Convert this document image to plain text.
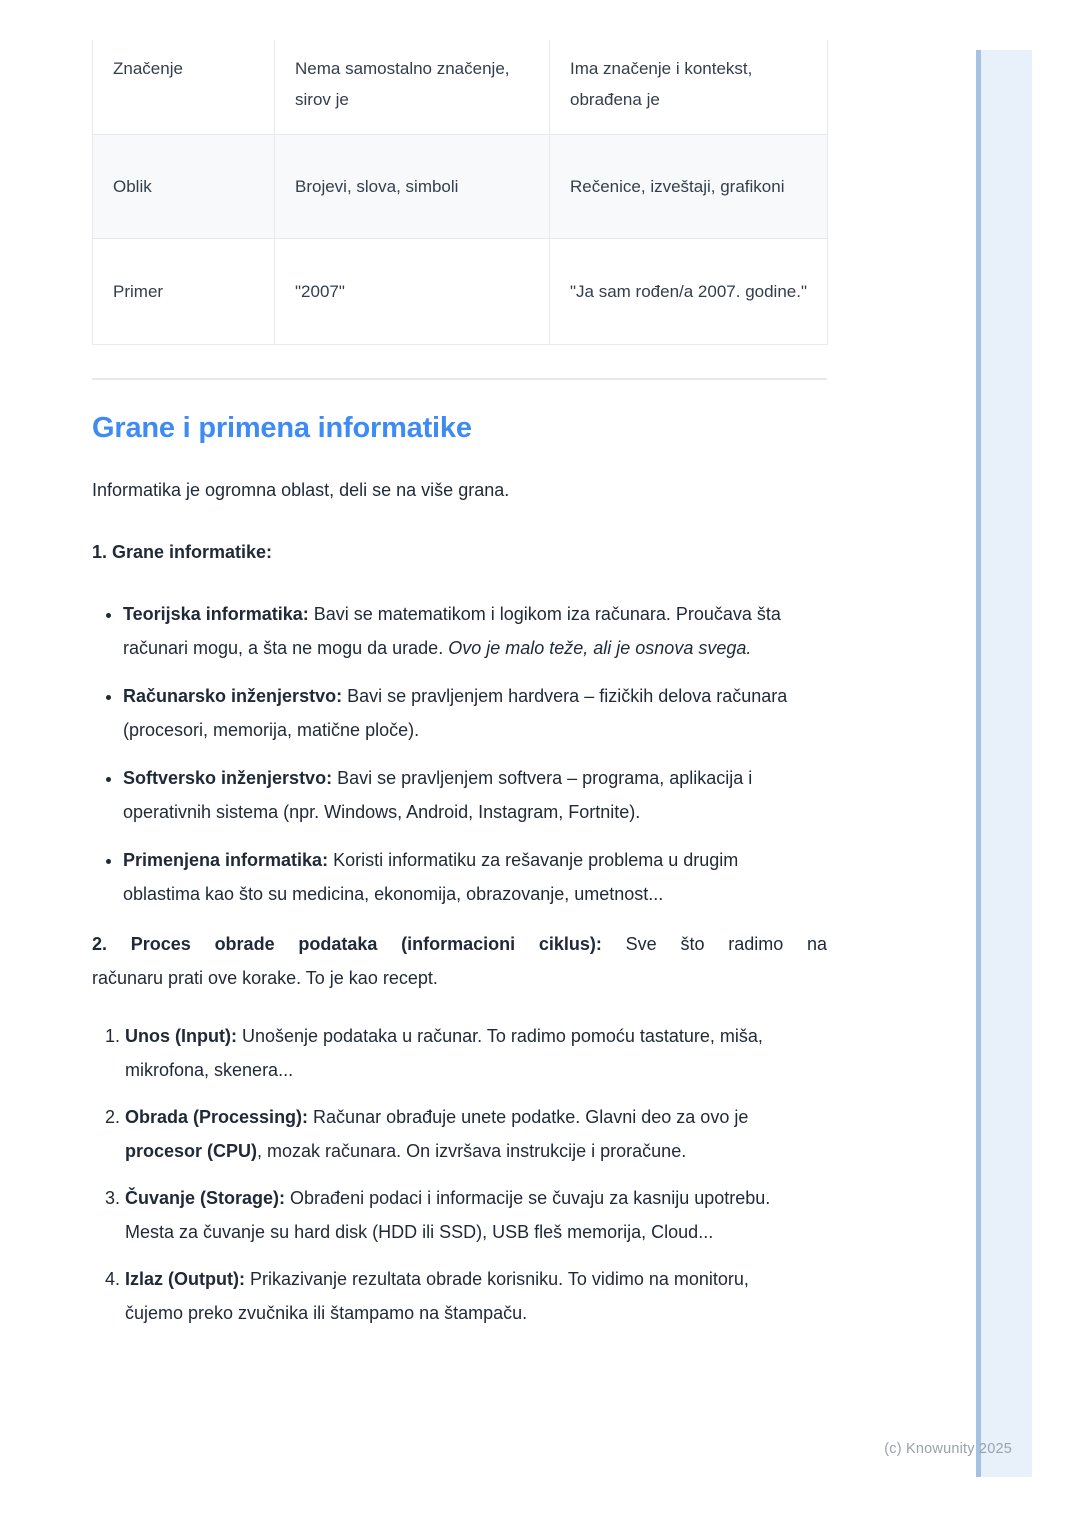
Značenje	Nema samostalno značenje, sirov je	Ima značenje i kontekst, obrađena je
Oblik	Brojevi, slova, simboli	Rečenice, izveštaji, grafikoni
Primer	"2007"	"Ja sam rođen/a 2007. godine."
Grane i primena informatike

Informatika je ogromna oblast, deli se na više grana.

1. Grane informatike:

• Teorijska informatika: Bavi se matematikom i logikom iza računara. Proučava šta računari mogu, a šta ne mogu da urade. Ovo je malo teže, ali je osnova svega.
• Računarsko inženjerstvo: Bavi se pravljenjem hardvera – fizičkih delova računara (procesori, memorija, matične ploče).
• Softversko inženjerstvo: Bavi se pravljenjem softvera – programa, aplikacija i operativnih sistema (npr. Windows, Android, Instagram, Fortnite).
• Primenjena informatika: Koristi informatiku za rešavanje problema u drugim oblastima kao što su medicina, ekonomija, obrazovanje, umetnost...

2. Proces obrade podataka (informacioni ciklus): Sve što radimo na
računaru prati ove korake. To je kao recept.

1. Unos (Input): Unošenje podataka u računar. To radimo pomoću tastature, miša, mikrofona, skenera...
2. Obrada (Processing): Računar obrađuje unete podatke. Glavni deo za ovo je procesor (CPU), mozak računara. On izvršava instrukcije i proračune.
3. Čuvanje (Storage): Obrađeni podaci i informacije se čuvaju za kasniju upotrebu. Mesta za čuvanje su hard disk (HDD ili SSD), USB fleš memorija, Cloud...
4. Izlaz (Output): Prikazivanje rezultata obrade korisniku. To vidimo na monitoru, čujemo preko zvučnika ili štampamo na štampaču.
(c) Knowunity 2025
